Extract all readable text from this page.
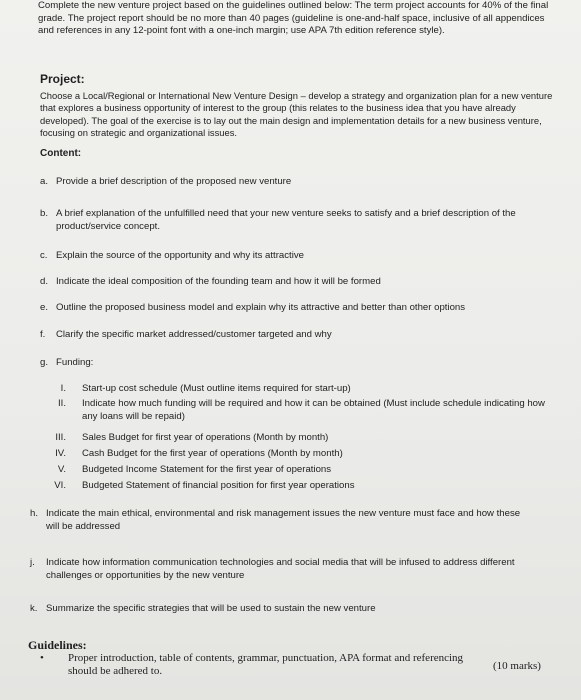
Complete the new venture project based on the guidelines outlined below: The term project accounts for 40% of the final grade. The project report should be no more than 40 pages (guideline is one-and-half space, inclusive of all appendices and references in any 12-point font with a one-inch margin; use APA 7th edition reference style).
Project:
Choose a Local/Regional or International New Venture Design – develop a strategy and organization plan for a new venture that explores a business opportunity of interest to the group (this relates to the business idea that you have already developed). The goal of the exercise is to lay out the main design and implementation details for a new business venture, focusing on strategic and organizational issues.
Content:
a. Provide a brief description of the proposed new venture
b. A brief explanation of the unfulfilled need that your new venture seeks to satisfy and a brief description of the product/service concept.
c. Explain the source of the opportunity and why its attractive
d. Indicate the ideal composition of the founding team and how it will be formed
e. Outline the proposed business model and explain why its attractive and better than other options
f. Clarify the specific market addressed/customer targeted and why
g. Funding:
I. Start-up cost schedule (Must outline items required for start-up)
II. Indicate how much funding will be required and how it can be obtained (Must include schedule indicating how any loans will be repaid)
III. Sales Budget for first year of operations (Month by month)
IV. Cash Budget for the first year of operations (Month by month)
V. Budgeted Income Statement for the first year of operations
VI. Budgeted Statement of financial position for first year operations
h. Indicate the main ethical, environmental and risk management issues the new venture must face and how these will be addressed
j.	Indicate how information communication technologies and social media that will be infused to address different challenges or opportunities by the new venture
k. Summarize the specific strategies that will be used to sustain the new venture
Guidelines:
• Proper introduction, table of contents, grammar, punctuation, APA format and referencing should be adhered to.	(10 marks)
